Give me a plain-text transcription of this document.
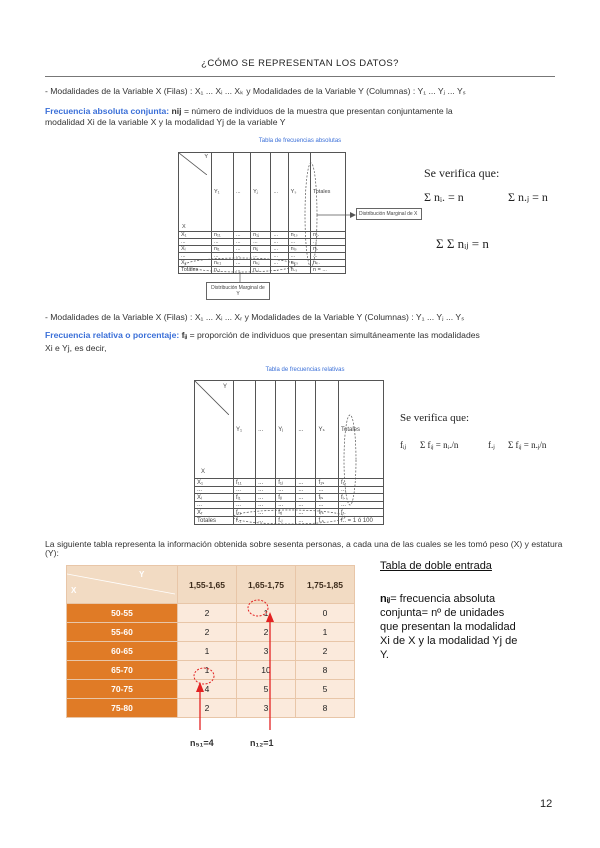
¿CÓMO SE REPRESENTAN LOS DATOS?
- Modalidades de la Variable X (Filas) : X₁ ... Xᵢ ... Xₖ y Modalidades de la Variable Y (Columnas) : Y₁ ... Yⱼ ... Yₛ
Frecuencia absoluta conjunta: nij = número de individuos de la muestra que presentan conjuntamente la
modalidad Xi de la variable X y la modalidad Yj de la variable Y
Tabla de frecuencias absolutas
Y
X	Y₁	...	Yⱼ	...	Yₛ	Totales
X₁	n₁₁	...	n₁ⱼ	...	n₁ₛ	n₁.
...	...	...	...	...	...	...
Xᵢ	nᵢ₁	...	nᵢⱼ	...	nᵢₛ	nᵢ.
...	...	...	...	...	...	...
Xₖ	nₖ₁	...	nₖⱼ	...	nₖₛ	nₖ.
Totales	n.₁	...	n.ⱼ	...	n.ₛ	n = ...
Distribución Marginal de X
Distribución Marginal de Y
Se verifica que:
Σ nᵢ. = n	Σ n.ⱼ = n
Σ Σ nᵢⱼ = n
- Modalidades de la Variable X (Filas) : X₁ ... Xᵢ ... Xᵣ y Modalidades de la Variable Y (Columnas) : Y₁ ... Yⱼ ... Yₛ
Frecuencia relativa o porcentaje: fᵢⱼ = proporción de individuos que presentan simultáneamente las modalidades
Xi e Yj, es decir,
Tabla de frecuencias relativas
Y
X	Y₁	...	Yⱼ	...	Yₛ	Totales
X₁	f₁₁	...	f₁ⱼ	...	f₁ₛ	f₁.
...	...	...	...	...	...	...
Xᵢ	fᵢ₁	...	fᵢⱼ	...	fᵢₛ	fᵢ.
...	...	...	...	...	...	...
Xᵣ	fᵣ₁	...	fᵣⱼ	...	fᵣₛ	fᵣ.
Totales	f.₁	...	f.ⱼ	...	f.ₛ	f.. = 1 ó 100
Se verifica que:
fᵢⱼ Σ fᵢⱼ = nᵢ./n	f.ⱼ Σ fᵢⱼ = n.ⱼ/n
La siguiente tabla representa la información obtenida sobre sesenta personas, a cada una de las cuales se les tomó peso (X) y estatura (Y):
Y
X	1,55-1,65	1,65-1,75	1,75-1,85
50-55	2	1	0
55-60	2	2	1
60-65	1	3	2
65-70	1	10	8
70-75	4	5	5
75-80	2	3	8
n₅₁=4	n₁₂=1
Tabla de doble entrada
nᵢⱼ= frecuencia absoluta
conjunta= nº de unidades
que presentan la modalidad
Xi de X y la modalidad Yj de
Y.
12
